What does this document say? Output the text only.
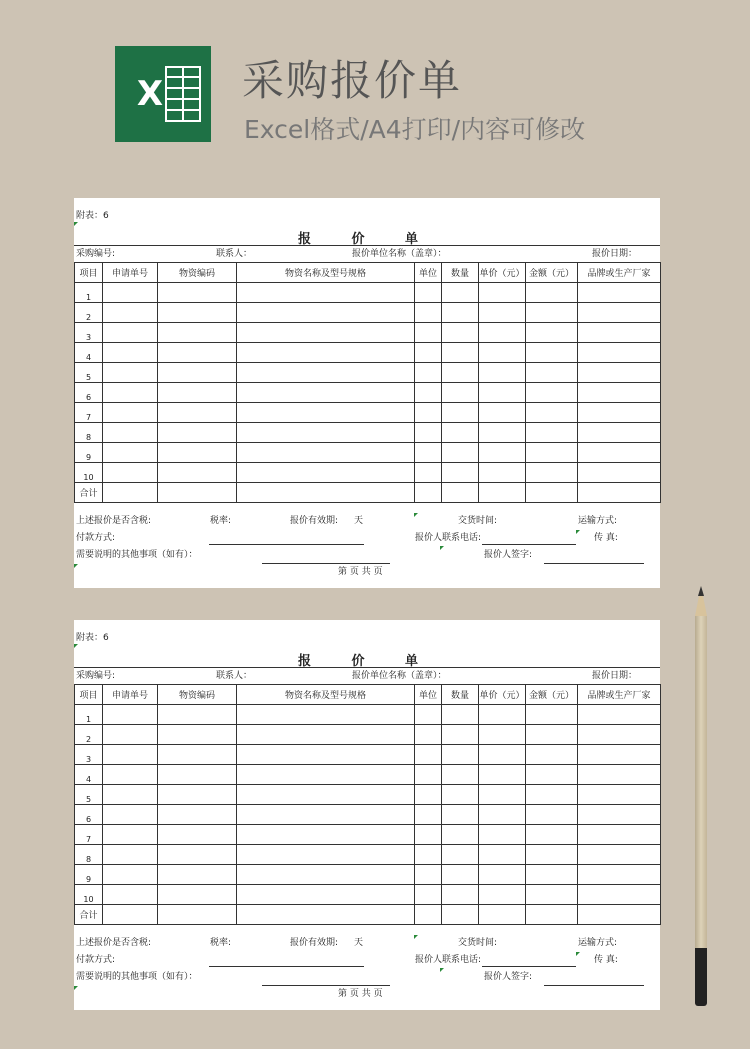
X 采购报价单
Excel格式/A4打印/内容可修改
附表：6
报 价 单
采购编号:	联系人：	报价单位名称（盖章）：	报价日期：
项目	申请单号	物资编码	物资名称及型号规格	单位	数量	单价（元）	金额（元）	品牌或生产厂家
1								
2								
3								
4								
5								
6								
7								
8								
9								
10								
合计								
上述报价是否含税:	税率:	报价有效期: 天	交货时间:	运输方式:
付款方式:	报价人联系电话:	传 真:
需要说明的其他事项（如有）：	报价人签字:
第 页 共 页
附表：6
报 价 单
采购编号:	联系人：	报价单位名称（盖章）：	报价日期：
项目	申请单号	物资编码	物资名称及型号规格	单位	数量	单价（元）	金额（元）	品牌或生产厂家
1								
2								
3								
4								
5								
6								
7								
8								
9								
10								
合计								
上述报价是否含税:	税率:	报价有效期: 天	交货时间:	运输方式:
付款方式:	报价人联系电话:	传 真:
需要说明的其他事项（如有）：	报价人签字:
第 页 共 页
